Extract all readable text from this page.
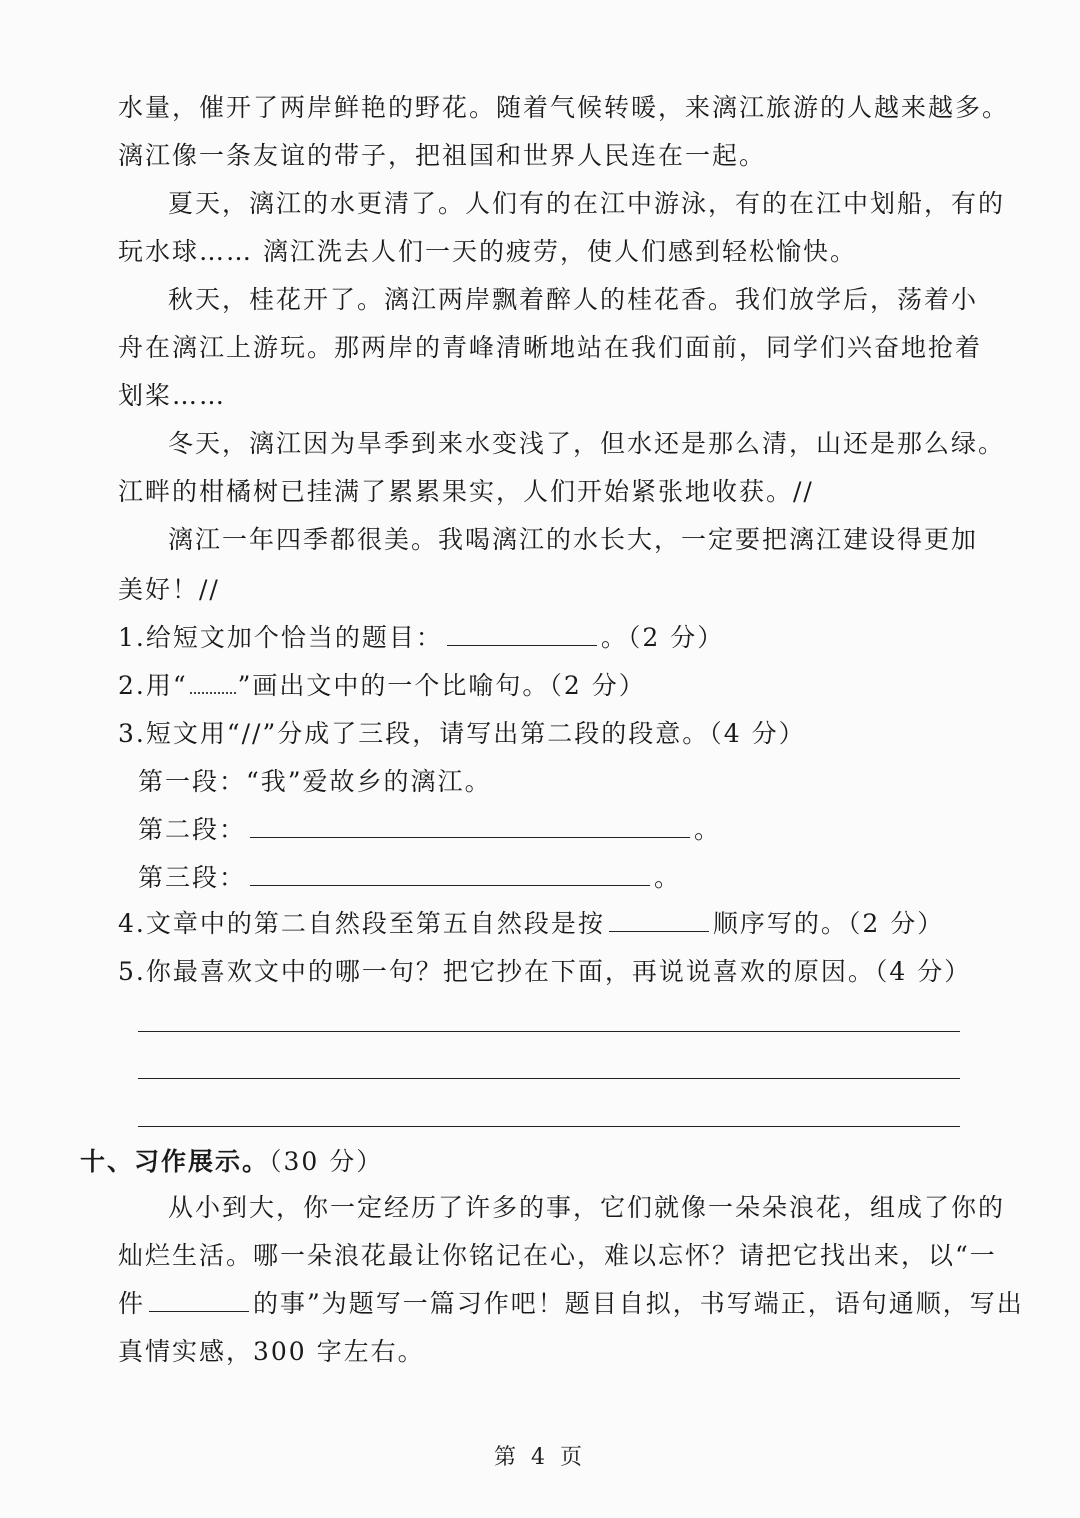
水量，催开了两岸鲜艳的野花。随着气候转暖，来漓江旅游的人越来越多。
漓江像一条友谊的带子，把祖国和世界人民连在一起。
夏天，漓江的水更清了。人们有的在江中游泳，有的在江中划船，有的
玩水球…… 漓江洗去人们一天的疲劳，使人们感到轻松愉快。
秋天，桂花开了。漓江两岸飘着醉人的桂花香。我们放学后，荡着小
舟在漓江上游玩。那两岸的青峰清晰地站在我们面前，同学们兴奋地抢着
划桨……
冬天，漓江因为旱季到来水变浅了，但水还是那么清，山还是那么绿。
江畔的柑橘树已挂满了累累果实，人们开始紧张地收获。//
漓江一年四季都很美。我喝漓江的水长大，一定要把漓江建设得更加
美好！//
1.给短文加个恰当的题目：	。（2 分）
2.用“ ”画出文中的一个比喻句。（2 分）
3.短文用“//”分成了三段，请写出第二段的段意。（4 分）
第一段：“我”爱故乡的漓江。
第二段：	。
第三段：	。
4.文章中的第二自然段至第五自然段是按	顺序写的。（2 分）
5.你最喜欢文中的哪一句？把它抄在下面，再说说喜欢的原因。（4 分）
十、习作展示。（30 分）
从小到大，你一定经历了许多的事，它们就像一朵朵浪花，组成了你的
灿烂生活。哪一朵浪花最让你铭记在心，难以忘怀？请把它找出来，以“一
件	的事”为题写一篇习作吧！题目自拟，书写端正，语句通顺，写出
真情实感，300 字左右。
第 4 页
